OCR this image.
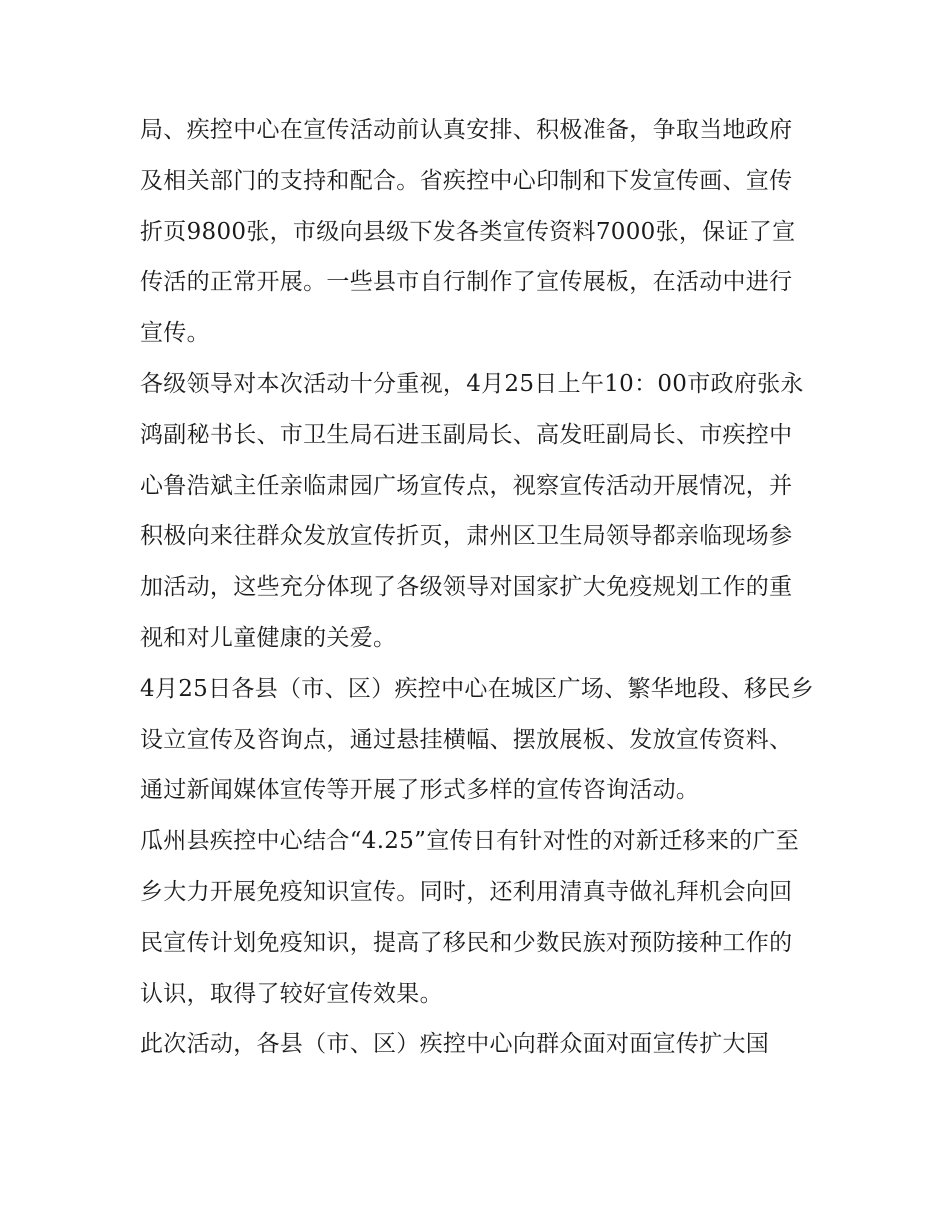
局、疾控中心在宣传活动前认真安排、积极准备，争取当地政府及相关部门的支持和配合。省疾控中心印制和下发宣传画、宣传折页9800张，市级向县级下发各类宣传资料7000张，保证了宣传活的正常开展。一些县市自行制作了宣传展板，在活动中进行宣传。

各级领导对本次活动十分重视，4月25日上午10：00市政府张永鸿副秘书长、市卫生局石进玉副局长、高发旺副局长、市疾控中心鲁浩斌主任亲临肃园广场宣传点，视察宣传活动开展情况，并积极向来往群众发放宣传折页，肃州区卫生局领导都亲临现场参加活动，这些充分体现了各级领导对国家扩大免疫规划工作的重视和对儿童健康的关爱。

4月25日各县（市、区）疾控中心在城区广场、繁华地段、移民乡设立宣传及咨询点，通过悬挂横幅、摆放展板、发放宣传资料、通过新闻媒体宣传等开展了形式多样的宣传咨询活动。

瓜州县疾控中心结合“4.25”宣传日有针对性的对新迁移来的广至乡大力开展免疫知识宣传。同时，还利用清真寺做礼拜机会向回民宣传计划免疫知识，提高了移民和少数民族对预防接种工作的认识，取得了较好宣传效果。

此次活动，各县（市、区）疾控中心向群众面对面宣传扩大国
